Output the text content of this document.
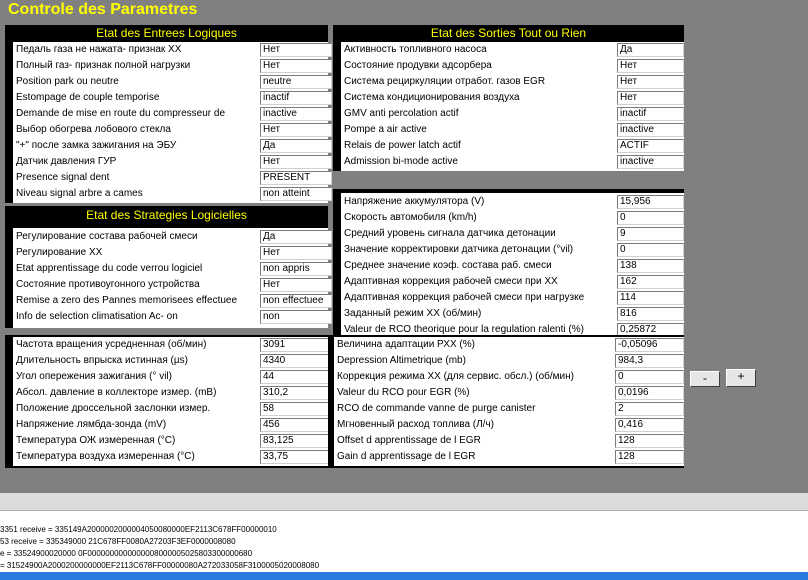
Controle des Parametres
Etat des Entrees Logiques
Педаль газа не нажата- признак ХХ	Нет
Полный газ- признак полной нагрузки	Нет
Position park ou neutre	neutre
Estompage de couple temporise	inactif
Demande de mise en route du compresseur de	inactive
Выбор обогрева лобового стекла	Нет
"+" после замка зажигания на ЭБУ	Да
Датчик давления ГУР	Нет
Presence signal dent	PRESENT
Niveau signal arbre a cames	non atteint
Etat des Sorties Tout ou Rien
Активность топливного насоса	Да
Состояние продувки адсорбера	Нет
Система рециркуляции отработ. газов EGR	Нет
Система кондиционирования воздуха	Нет
GMV anti percolation actif	inactif
Pompe a air active	inactive
Relais de power latch actif	ACTIF
Admission bi-mode active	inactive
Etat des Strategies Logicielles
Регулирование состава рабочей смеси	Да
Регулирование ХХ	Нет
Etat apprentissage du code verrou logiciel	non appris
Состояние противоугонного устройства	Нет
Remise a zero des Pannes memorisees effectuee	non effectuee
Info de selection climatisation Ac- on	non
Напряжение аккумулятора (V)	15,956
Скорость автомобиля (km/h)	0
Средний уровень сигнала датчика детонации	9
Значение корректировки датчика детонации (°vil)	0
Среднее значение коэф. состава раб. смеси	138
Адаптивная коррекция рабочей смеси при ХХ	162
Адаптивная коррекция рабочей смеси при нагрузке	114
Заданный режим ХХ (об/мин)	816
Valeur de RCO theorique pour la regulation ralenti (%)	0,25872
Частота вращения усредненная (об/мин)	3091
Длительность впрыска истинная (µs)	4340
Угол опережения зажигания (° vil)	44
Абсол. давление в коллекторе измер. (mB)	310,2
Положение дроссельной заслонки измер.	58
Напряжение лямбда-зонда (mV)	456
Температура ОЖ измеренная (°C)	83,125
Температура воздуха измеренная (°C)	33,75
Величина адаптации РХХ (%)	-0,05096
Depression Altimetrique (mb)	984,3
Коррекция режима ХХ (для сервис. обсл.) (об/мин)	0
Valeur du RCO pour EGR (%)	0,0196
RCO de commande vanne de purge canister	2
Мгновенный расход топлива (Л/ч)	0,416
Offset d apprentissage de l EGR	128
Gain d apprentissage de l EGR	128
-	+
3351 receive = 335149A2000002000004050080000EF2113C678FF00000010
53 receive = 335349000 21C678FF0080A27203F3EF0000008080
e = 33524900020000 0F0000000000000008000005025803300000680
= 31524900A2000200000000EF2113C678FF00000080A272033058F3100005020008080
